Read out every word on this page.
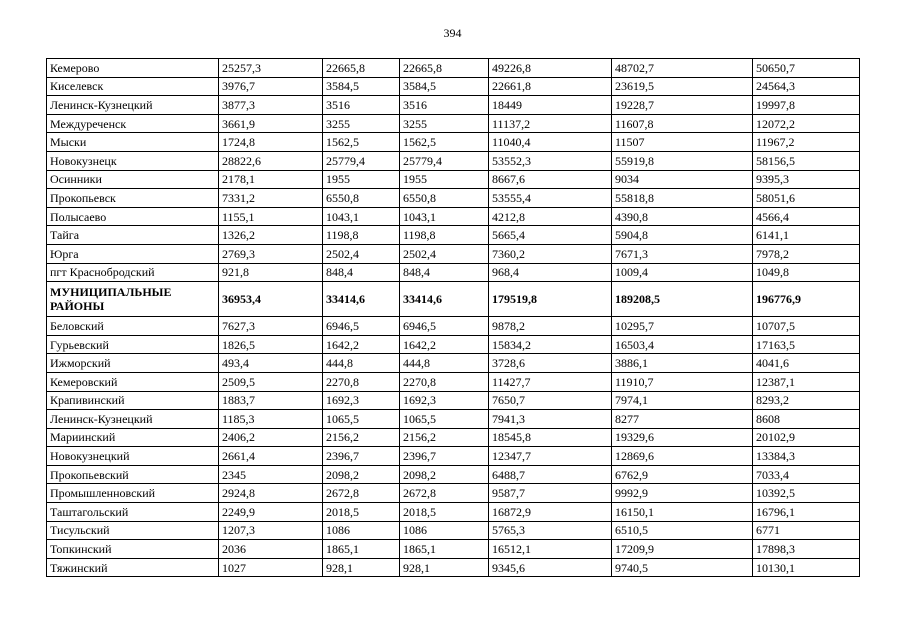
394
Кемерово	25257,3	22665,8	22665,8	49226,8	48702,7	50650,7
Киселевск	3976,7	3584,5	3584,5	22661,8	23619,5	24564,3
Ленинск-Кузнецкий	3877,3	3516	3516	18449	19228,7	19997,8
Междуреченск	3661,9	3255	3255	11137,2	11607,8	12072,2
Мыски	1724,8	1562,5	1562,5	11040,4	11507	11967,2
Новокузнецк	28822,6	25779,4	25779,4	53552,3	55919,8	58156,5
Осинники	2178,1	1955	1955	8667,6	9034	9395,3
Прокопьевск	7331,2	6550,8	6550,8	53555,4	55818,8	58051,6
Полысаево	1155,1	1043,1	1043,1	4212,8	4390,8	4566,4
Тайга	1326,2	1198,8	1198,8	5665,4	5904,8	6141,1
Юрга	2769,3	2502,4	2502,4	7360,2	7671,3	7978,2
пгт Краснобродский	921,8	848,4	848,4	968,4	1009,4	1049,8
МУНИЦИПАЛЬНЫЕ РАЙОНЫ	36953,4	33414,6	33414,6	179519,8	189208,5	196776,9
Беловский	7627,3	6946,5	6946,5	9878,2	10295,7	10707,5
Гурьевский	1826,5	1642,2	1642,2	15834,2	16503,4	17163,5
Ижморский	493,4	444,8	444,8	3728,6	3886,1	4041,6
Кемеровский	2509,5	2270,8	2270,8	11427,7	11910,7	12387,1
Крапивинский	1883,7	1692,3	1692,3	7650,7	7974,1	8293,2
Ленинск-Кузнецкий	1185,3	1065,5	1065,5	7941,3	8277	8608
Мариинский	2406,2	2156,2	2156,2	18545,8	19329,6	20102,9
Новокузнецкий	2661,4	2396,7	2396,7	12347,7	12869,6	13384,3
Прокопьевский	2345	2098,2	2098,2	6488,7	6762,9	7033,4
Промышленновский	2924,8	2672,8	2672,8	9587,7	9992,9	10392,5
Таштагольский	2249,9	2018,5	2018,5	16872,9	16150,1	16796,1
Тисульский	1207,3	1086	1086	5765,3	6510,5	6771
Топкинский	2036	1865,1	1865,1	16512,1	17209,9	17898,3
Тяжинский	1027	928,1	928,1	9345,6	9740,5	10130,1
